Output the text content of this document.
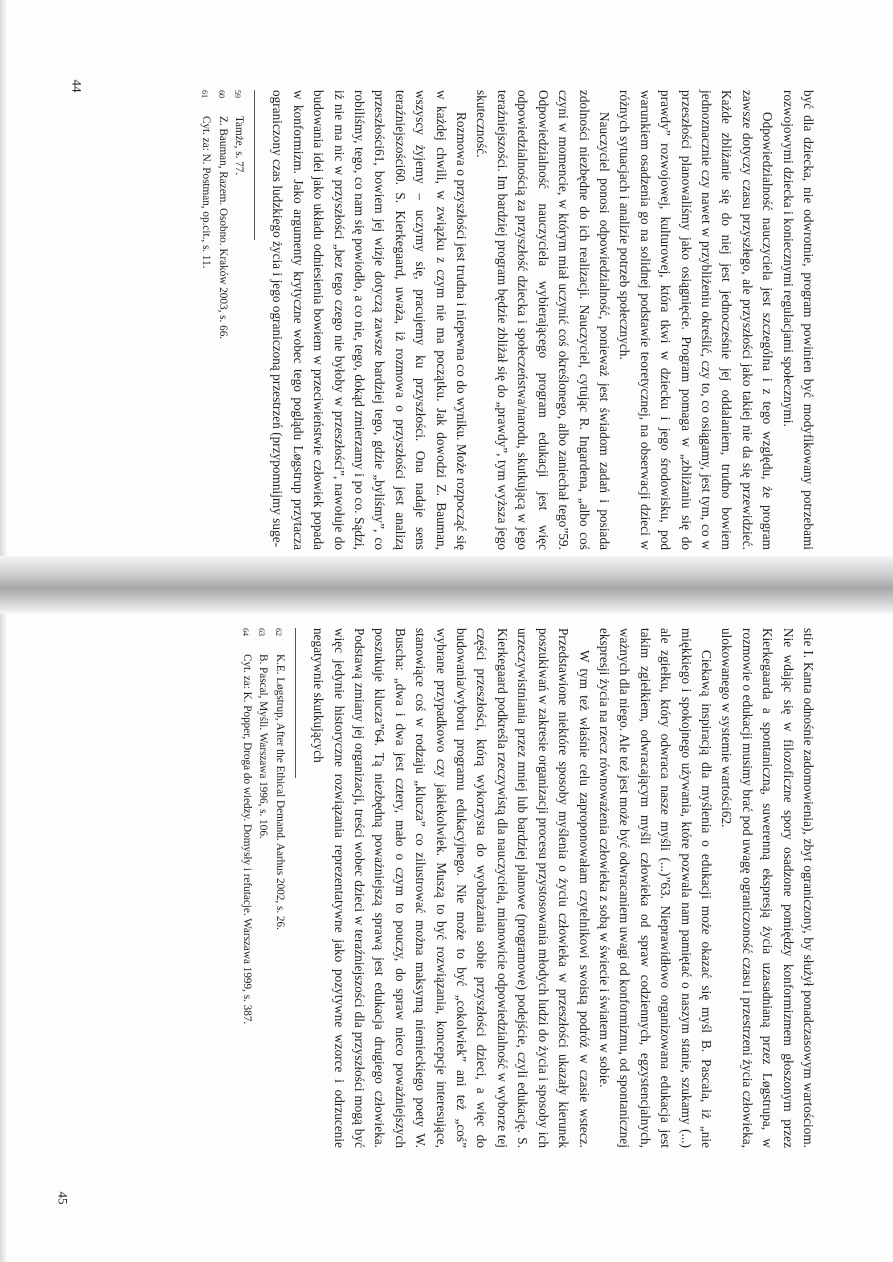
być dla dziecka, nie odwrotnie, program powinien być modyfikowany potrzebami rozwojowymi dziecka i koniecznymi regulacjami społecznymi.

Odpowiedzialność nauczyciela jest szczególna i z tego względu, że program zawsze dotyczy czasu przyszłego, ale przyszłości jako takiej nie da się przewidzieć. Każde zbliżanie się do niej jest jednocześnie jej oddalaniem, trudno bowiem jednoznacznie czy nawet w przybliżeniu określić, czy to, co osiągamy, jest tym, co w przeszłości planowaliśmy jako osiągnięcie. Program pomaga w „zbliżaniu się do prawdy” rozwojowej, kulturowej, która tkwi w dziecku i jego środowisku, pod warunkiem osadzenia go na solidnej podstawie teoretycznej, na obserwacji dzieci w różnych sytuacjach i analizie potrzeb społecznych.

Nauczyciel ponosi odpowiedzialność, ponieważ jest świadom zadań i posiada zdolności niezbędne do ich realizacji. Nauczyciel, cytując R. Ingardena, „albo coś czyni w momencie, w którym miał uczynić coś określonego, albo zaniechał tego”59. Odpowiedzialność nauczyciela wybierającego program edukacji jest więc odpowiedzialnością za przyszłość dziecka i społeczeństwa/narodu, skutkującą w jego teraźniejszości. Im bardziej program będzie zbliżał się do „prawdy”, tym wyższa jego skuteczność.

Rozmowa o przyszłości jest trudna i niepewna co do wyniku. Może rozpocząć się w każdej chwili, w związku z czym nie ma początku. Jak dowodzi Z. Bauman, wszyscy żyjemy – uczymy się, pracujemy ku przyszłości. Ona nadaje sens teraźniejszości60. S. Kierkegaard, uważa, iż rozmowa o przyszłości jest analizą przeszłości61, bowiem jej wizje dotyczą zawsze bardziej tego, gdzie „byliśmy”, co robiliśmy, tego, co nam się powiodło, a co nie, tego, dokąd zmierzamy i po co. Sądzi, iż nie ma nic w przyszłości „bez tego czego nie byłoby w przeszłości”, nawołuje do budowania idei jako układu odniesienia bowiem w przeciwieństwie człowiek popada w konformizm. Jako argumenty krytyczne wobec tego poglądu Løgstrup przytacza ograniczony czas ludzkiego życia i jego ograniczoną przestrzeń (przypomnijmy suge-

59
Tamże, s. 77.
60
Z. Bauman, Razem. Osobno. Kraków 2003, s. 66.
61
Cyt. za: N. Postman, op.cit., s. 11.

stie I. Kanta odnośnie zadomowienia), zbyt ograniczony, by służył ponadczasowym wartościom. Nie wdając się w filozoficzne spory osadzone pomiędzy konformizmem głoszonym przez Kierkegaarda a spontaniczną, suwerenną ekspresją życia uzasadnianą przez Løgstrupa, w rozmowie o edukacji musimy brać pod uwagę ograniczoność czasu i przestrzeni życia człowieka, ulokowanego w systemie wartości62.

Ciekawą inspiracją dla myślenia o edukacji może okazać się myśl B. Pascala, iż „nie miękkiego i spokojnego używania, które pozwala nam pamiętać o naszym stanie, szukamy (...) ale zgiełku, który odwraca nasze myśli (...)”63. Nieprawidłowo organizowana edukacja jest takim zgiełkiem, odwracającym myśli człowieka od spraw codziennych, egzystencjalnych, ważnych dla niego. Ale też jest może być odwracaniem uwagi od konformizmu, od spontanicznej ekspresji życia na rzecz równoważenia człowieka z sobą w świecie i światem w sobie.

W tym też właśnie celu zaproponowałam czytelnikowi swoistą podróż w czasie wstecz. Przedstawione niektóre sposoby myślenia o życiu człowieka w przeszłości ukazały kierunek poszukiwań w zakresie organizacji procesu przystosowania młodych ludzi do życia i sposoby ich urzeczywistniania przez mniej lub bardziej planowe (programowe) podejście, czyli edukację. S. Kierkegaard podkreśla rzeczywistą dla nauczyciela, mianowicie odpowiedzialność w wyborze tej części przeszłości, którą wykorzysta do wyobrażania sobie przyszłości dzieci, a więc do budowania/wyboru programu edukacyjnego. Nie może to być „cokolwiek” ani też „coś” wybrane przypadkowo czy jakiekolwiek. Muszą to być rozwiązania, koncepcje interesujące, stanowiące coś w rodzaju „klucza” co zilustrować można maksymą niemieckiego poety W. Buscha: „dwa i dwa jest cztery, mało o czym to pouczy, do spraw nieco poważniejszych poszukuje klucza”64. Tą niezbędną poważniejszą sprawą jest edukacja drugiego człowieka. Podstawą zmiany jej organizacji, treści wobec dzieci w teraźniejszości dla przyszłości mogą być więc jedynie historyczne rozwiązania reprezentatywne jako pozytywne wzorce i odrzucenie negatywnie skutkujących

62
K.E. Løgstrup, After the Ethical Demand. Aarhus 2002, s. 26.
63
B. Pascal, Myśli. Warszawa 1996, s. 106.
64
Cyt. za: K. Popper, Droga do wiedzy. Domysły i refutacje. Warszawa 1999, s. 387.
44
45
